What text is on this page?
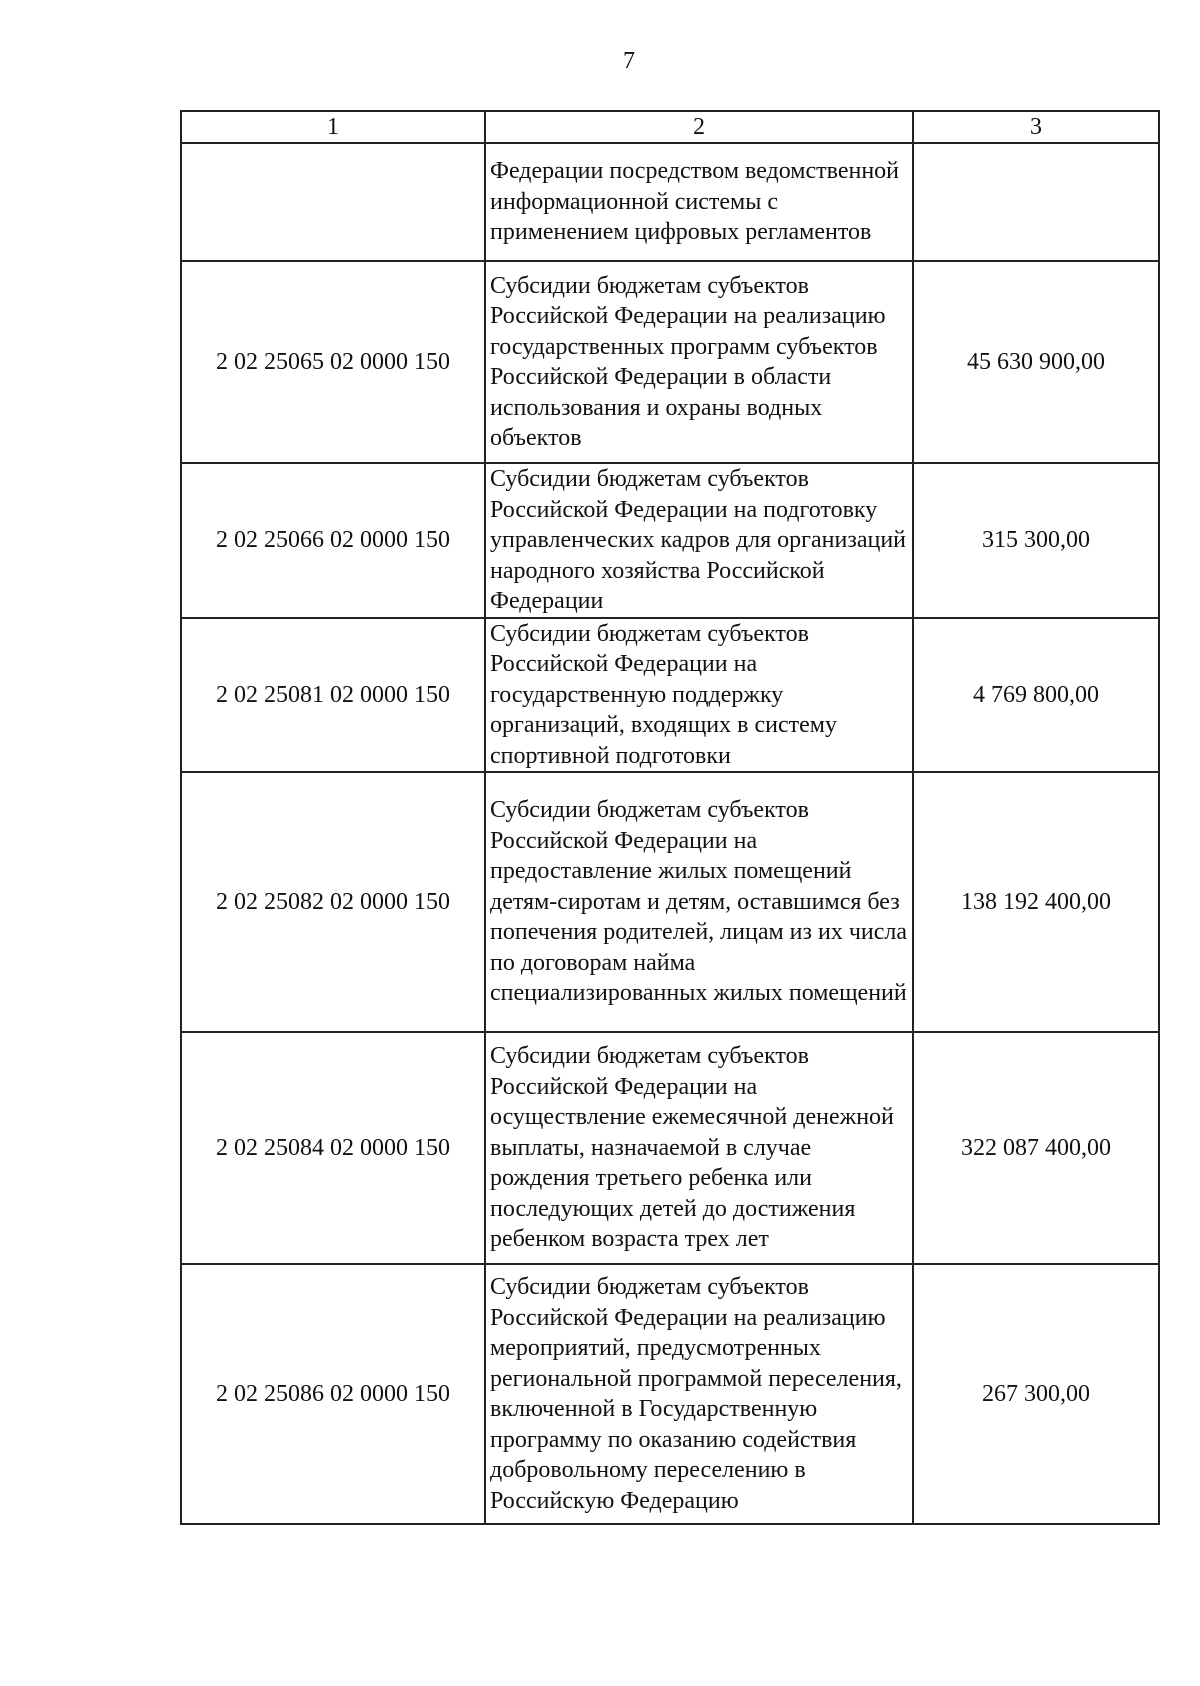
7
1	2	3
	Федерации посредством ведомственной информационной системы с применением цифровых регламентов	
2 02 25065 02 0000 150	Субсидии бюджетам субъектов Российской Федерации на реализацию государственных программ субъектов Российской Федерации в области использования и охраны водных объектов	45 630 900,00
2 02 25066 02 0000 150	Субсидии бюджетам субъектов Российской Федерации на подготовку управленческих кадров для организаций народного хозяйства Российской Федерации	315 300,00
2 02 25081 02 0000 150	Субсидии бюджетам субъектов Российской Федерации на государственную поддержку организаций, входящих в систему спортивной подготовки	4 769 800,00
2 02 25082 02 0000 150	Субсидии бюджетам субъектов Российской Федерации на предоставление жилых помещений детям-сиротам и детям, оставшимся без попечения родителей, лицам из их числа по договорам найма специализированных жилых помещений	138 192 400,00
2 02 25084 02 0000 150	Субсидии бюджетам субъектов Российской Федерации на осуществление ежемесячной денежной выплаты, назначаемой в случае рождения третьего ребенка или последующих детей до достижения ребенком возраста трех лет	322 087 400,00
2 02 25086 02 0000 150	Субсидии бюджетам субъектов Российской Федерации на реализацию мероприятий, предусмотренных региональной программой переселения, включенной в Государственную программу по оказанию содействия добровольному переселению в Российскую Федерацию	267 300,00
